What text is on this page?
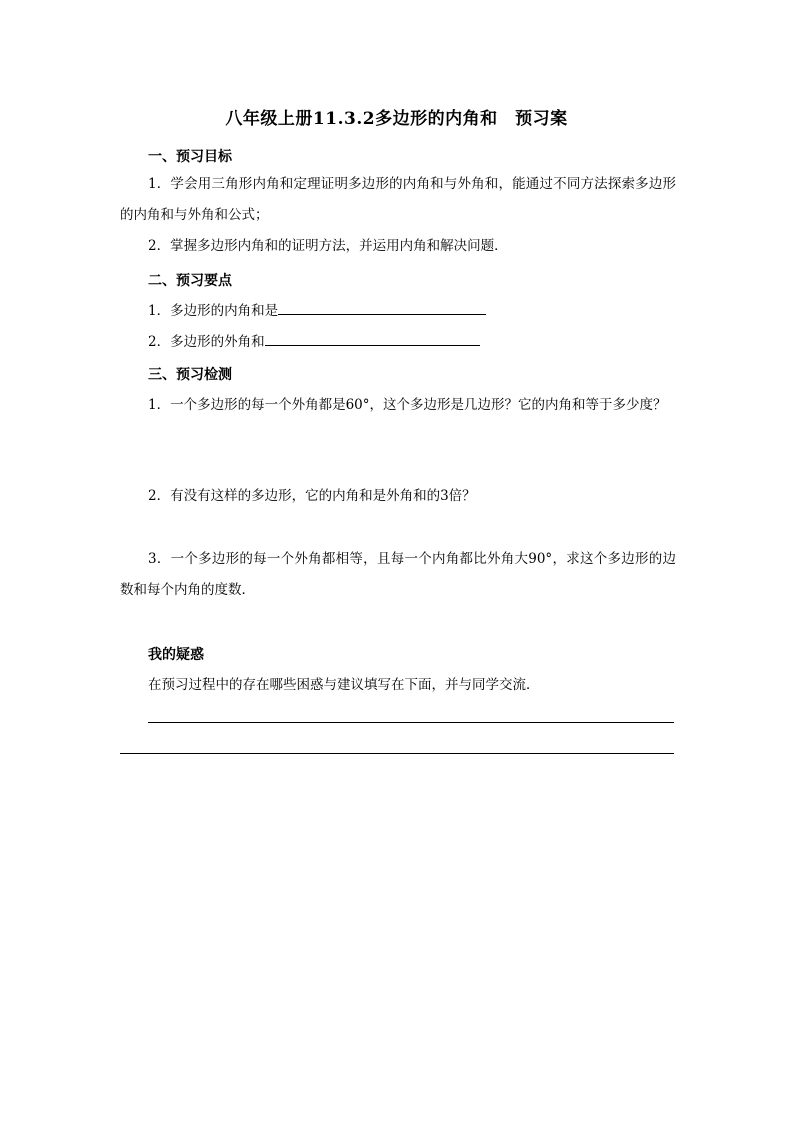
八年级上册11.3.2多边形的内角和　预习案
一、预习目标
1．学会用三角形内角和定理证明多边形的内角和与外角和，能通过不同方法探索多边形的内角和与外角和公式；
2．掌握多边形内角和的证明方法，并运用内角和解决问题．
二、预习要点
1．多边形的内角和是
2．多边形的外角和
三、预习检测
1．一个多边形的每一个外角都是60°，这个多边形是几边形？它的内角和等于多少度？
2．有没有这样的多边形，它的内角和是外角和的3倍？
3．一个多边形的每一个外角都相等，且每一个内角都比外角大90°，求这个多边形的边数和每个内角的度数．
我的疑惑
在预习过程中的存在哪些困惑与建议填写在下面，并与同学交流．
